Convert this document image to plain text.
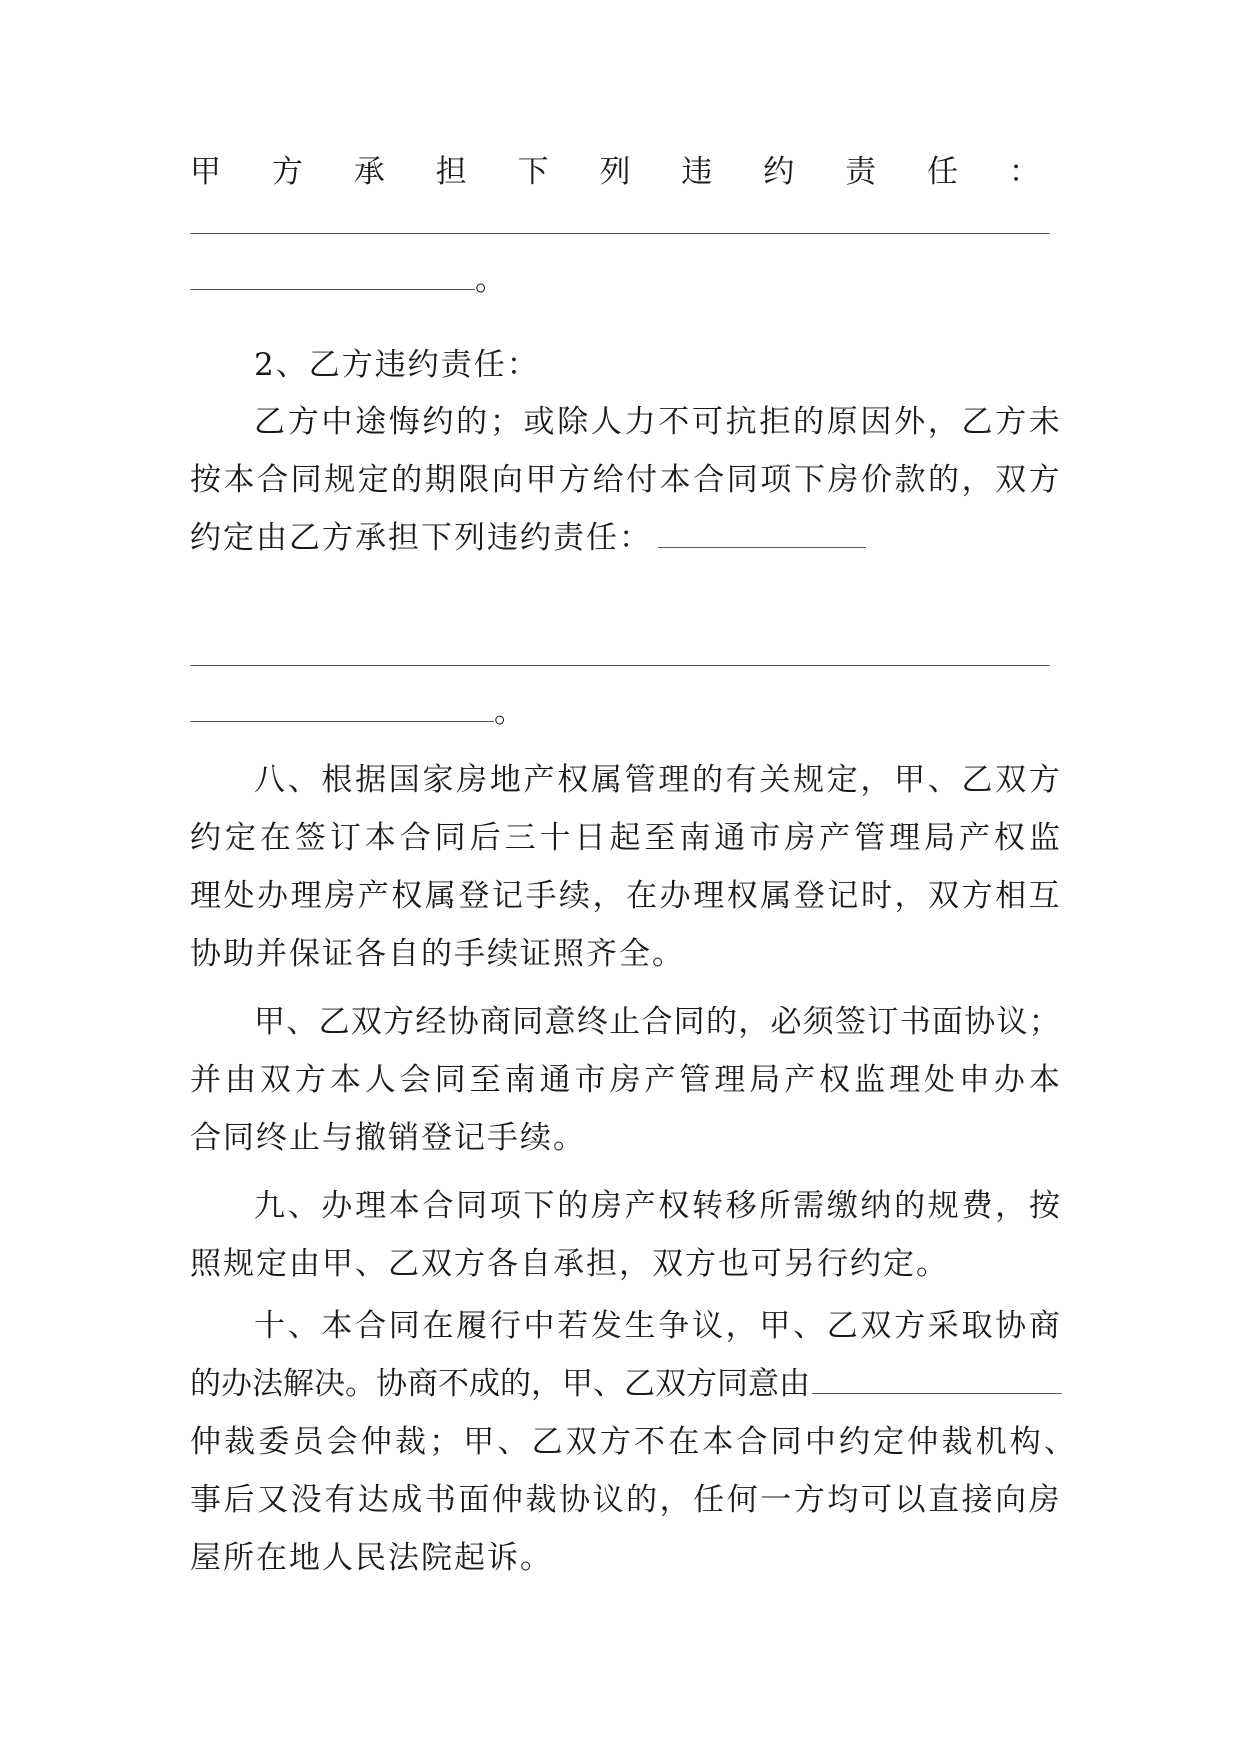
甲 方 承 担 下 列 违 约 责 任 ：
。
2、乙方违约责任：
乙 方 中 途 悔 约 的 ； 或 除 人 力 不 可 抗 拒 的 原 因 外 ， 乙 方 未
按 本 合 同 规 定 的 期 限 向 甲 方 给 付 本 合 同 项 下 房 价 款 的 ， 双 方
约定由乙方承担下列违约责任：
。
八 、 根 据 国 家 房 地 产 权 属 管 理 的 有 关 规 定 ， 甲 、 乙 双 方
约 定 在 签 订 本 合 同 后 三 十 日 起 至 南 通 市 房 产 管 理 局 产 权 监
理 处 办 理 房 产 权 属 登 记 手 续 ， 在 办 理 权 属 登 记 时 ， 双 方 相 互
协助并保证各自的手续证照齐全。
甲 、 乙 双 方 经 协 商 同 意 终 止 合 同 的 ， 必 须 签 订 书 面 协 议 ；
并 由 双 方 本 人 会 同 至 南 通 市 房 产 管 理 局 产 权 监 理 处 申 办 本
合同终止与撤销登记手续。
九 、 办 理 本 合 同 项 下 的 房 产 权 转 移 所 需 缴 纳 的 规 费 ， 按
照规定由甲、乙双方各自承担，双方也可另行约定。
十 、 本 合 同 在 履 行 中 若 发 生 争 议 ， 甲 、 乙 双 方 采 取 协 商
的办法解决。协商不成的，甲、乙双方同意由
仲 裁 委 员 会 仲 裁 ； 甲 、 乙 双 方 不 在 本 合 同 中 约 定 仲 裁 机 构 、
事 后 又 没 有 达 成 书 面 仲 裁 协 议 的 ， 任 何 一 方 均 可 以 直 接 向 房
屋所在地人民法院起诉。
